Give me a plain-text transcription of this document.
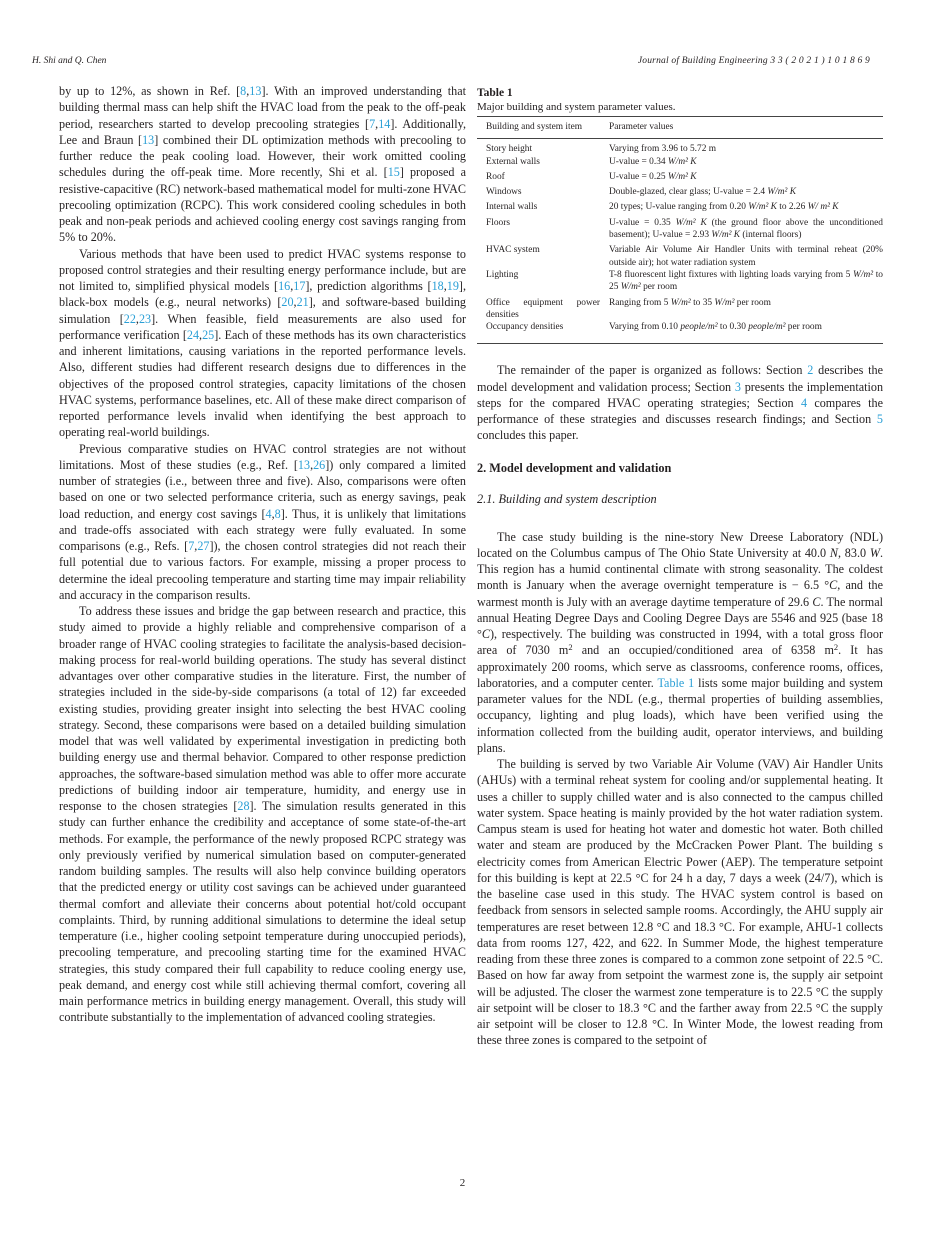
H. Shi and Q. Chen	Journal of Building Engineering 3 3 ( 2 0 2 1 ) 1 0 1 8 6 9

by up to 12%, as shown in Ref. [8,13]. With an improved understanding that building thermal mass can help shift the HVAC load from the peak to the off-peak period, researchers started to develop precooling strategies [7,14]. Additionally, Lee and Braun [13] combined their DL optimization methods with precooling to further reduce the peak cooling load. However, their work omitted cooling schedules during the off-peak time. More recently, Shi et al. [15] proposed a resistive-capacitive (RC) network-based mathematical model for multi-zone HVAC precooling optimization (RCPC). This work considered cooling schedules in both peak and non-peak periods and achieved cooling energy cost savings ranging from 5% to 20%.

Various methods that have been used to predict HVAC systems response to proposed control strategies and their resulting energy performance include, but are not limited to, simplified physical models [16,17], prediction algorithms [18,19], black-box models (e.g., neural networks) [20,21], and software-based building simulation [22,23]. When feasible, field measurements are also used for performance verification [24,25]. Each of these methods has its own characteristics and inherent limitations, causing variations in the reported performance levels. Also, different studies had different research designs due to differences in the objectives of the proposed control strategies, capacity limitations of the chosen HVAC systems, performance baselines, etc. All of these make direct comparison of reported performance levels invalid when identifying the best approach to operating real-world buildings.

Previous comparative studies on HVAC control strategies are not without limitations. Most of these studies (e.g., Ref. [13,26]) only compared a limited number of strategies (i.e., between three and five). Also, comparisons were often based on one or two selected performance criteria, such as energy savings, peak load reduction, and energy cost savings [4,8]. Thus, it is unlikely that limitations and trade-offs associated with each strategy were fully evaluated. In some comparisons (e.g., Refs. [7,27]), the chosen control strategies did not reach their full potential due to various factors. For example, missing a proper process to determine the ideal precooling temperature and starting time may impair reliability and accuracy in the comparison results.

To address these issues and bridge the gap between research and practice, this study aimed to provide a highly reliable and comprehensive comparison of a broader range of HVAC cooling strategies to facilitate the analysis-based decision-making process for real-world building operations. The study has several distinct advantages over other comparative studies in the literature. First, the number of strategies included in the side-by-side comparisons (a total of 12) far exceeded existing studies, providing greater insight into selecting the best HVAC cooling strategy. Second, these comparisons were based on a detailed building simulation model that was well validated by experimental investigation in predicting both building energy use and thermal behavior. Compared to other response prediction approaches, the software-based simulation method was able to offer more accurate predictions of building indoor air temperature, humidity, and energy use in response to the chosen strategies [28]. The simulation results generated in this study can further enhance the credibility and acceptance of some state-of-the-art methods. For example, the performance of the newly proposed RCPC strategy was only previously verified by numerical simulation based on computer-generated random building samples. The results will also help convince building operators that the predicted energy or utility cost savings can be achieved under guaranteed thermal comfort and alleviate their concerns about potential hot/cold occupant complaints. Third, by running additional simulations to determine the ideal setup temperature (i.e., higher cooling setpoint temperature during unoccupied periods), precooling temperature, and precooling starting time for the examined HVAC strategies, this study compared their full capability to reduce cooling energy use, peak demand, and energy cost while still achieving thermal comfort, covering all main performance metrics in building energy management. Overall, this study will contribute substantially to the implementation of advanced cooling strategies.

Table 1
Major building and system parameter values.
Building and system item	Parameter values
Story height	Varying from 3.96 to 5.72 m
External walls	U-value = 0.34 W/m² K
Roof	U-value = 0.25 W/m² K
Windows	Double-glazed, clear glass; U-value = 2.4 W/m² K
Internal walls	20 types; U-value ranging from 0.20 W/m² K to 2.26 W/ m² K
Floors	U-value = 0.35 W/m² K (the ground floor above the unconditioned basement); U-value = 2.93 W/m² K (internal floors)
HVAC system	Variable Air Volume Air Handler Units with terminal reheat (20% outside air); hot water radiation system
Lighting	T-8 fluorescent light fixtures with lighting loads varying from 5 W/m² to 25 W/m² per room
Office equipment power densities	Ranging from 5 W/m² to 35 W/m² per room
Occupancy densities	Varying from 0.10 people/m² to 0.30 people/m² per room

The remainder of the paper is organized as follows: Section 2 describes the model development and validation process; Section 3 presents the implementation steps for the compared HVAC operating strategies; Section 4 compares the performance of these strategies and discusses research findings; and Section 5 concludes this paper.

2. Model development and validation
2.1. Building and system description

The case study building is the nine-story New Dreese Laboratory (NDL) located on the Columbus campus of The Ohio State University at 40.0 N, 83.0 W. This region has a humid continental climate with strong seasonality. The coldest month is January when the average overnight temperature is − 6.5 °C, and the warmest month is July with an average daytime temperature of 29.6 C. The normal annual Heating Degree Days and Cooling Degree Days are 5546 and 925 (base 18 °C), respectively. The building was constructed in 1994, with a total gross floor area of 7030 $m^2$ and an occupied/conditioned area of 6358 $m^2$. It has approximately 200 rooms, which serve as classrooms, conference rooms, offices, laboratories, and a computer center. Table 1 lists some major building and system parameter values for the NDL (e.g., thermal properties of building assemblies, occupancy, lighting and plug loads), which have been verified using the information collected from the building audit, operator interviews, and building plans.

The building is served by two Variable Air Volume (VAV) Air Handler Units (AHUs) with a terminal reheat system for cooling and/or supplemental heating. It uses a chiller to supply chilled water and is also connected to the campus chilled water system. Space heating is mainly provided by the hot water radiation system. Campus steam is used for heating hot water and domestic hot water. Both chilled water and steam are produced by the McCracken Power Plant. The building s electricity comes from American Electric Power (AEP). The temperature setpoint for this building is kept at 22.5 °C for 24 h a day, 7 days a week (24/7), which is the baseline case used in this study. The HVAC system control is based on feedback from sensors in selected sample rooms. Accordingly, the AHU supply air temperatures are reset between 12.8 °C and 18.3 °C. For example, AHU-1 collects data from rooms 127, 422, and 622. In Summer Mode, the highest temperature reading from these three zones is compared to a common zone setpoint of 22.5 °C. Based on how far away from setpoint the warmest zone is, the supply air setpoint will be adjusted. The closer the warmest zone temperature is to 22.5 °C the supply air setpoint will be closer to 18.3 °C and the farther away from 22.5 °C the supply air setpoint will be closer to 12.8 °C. In Winter Mode, the lowest reading from these three zones is compared to the setpoint of

2
